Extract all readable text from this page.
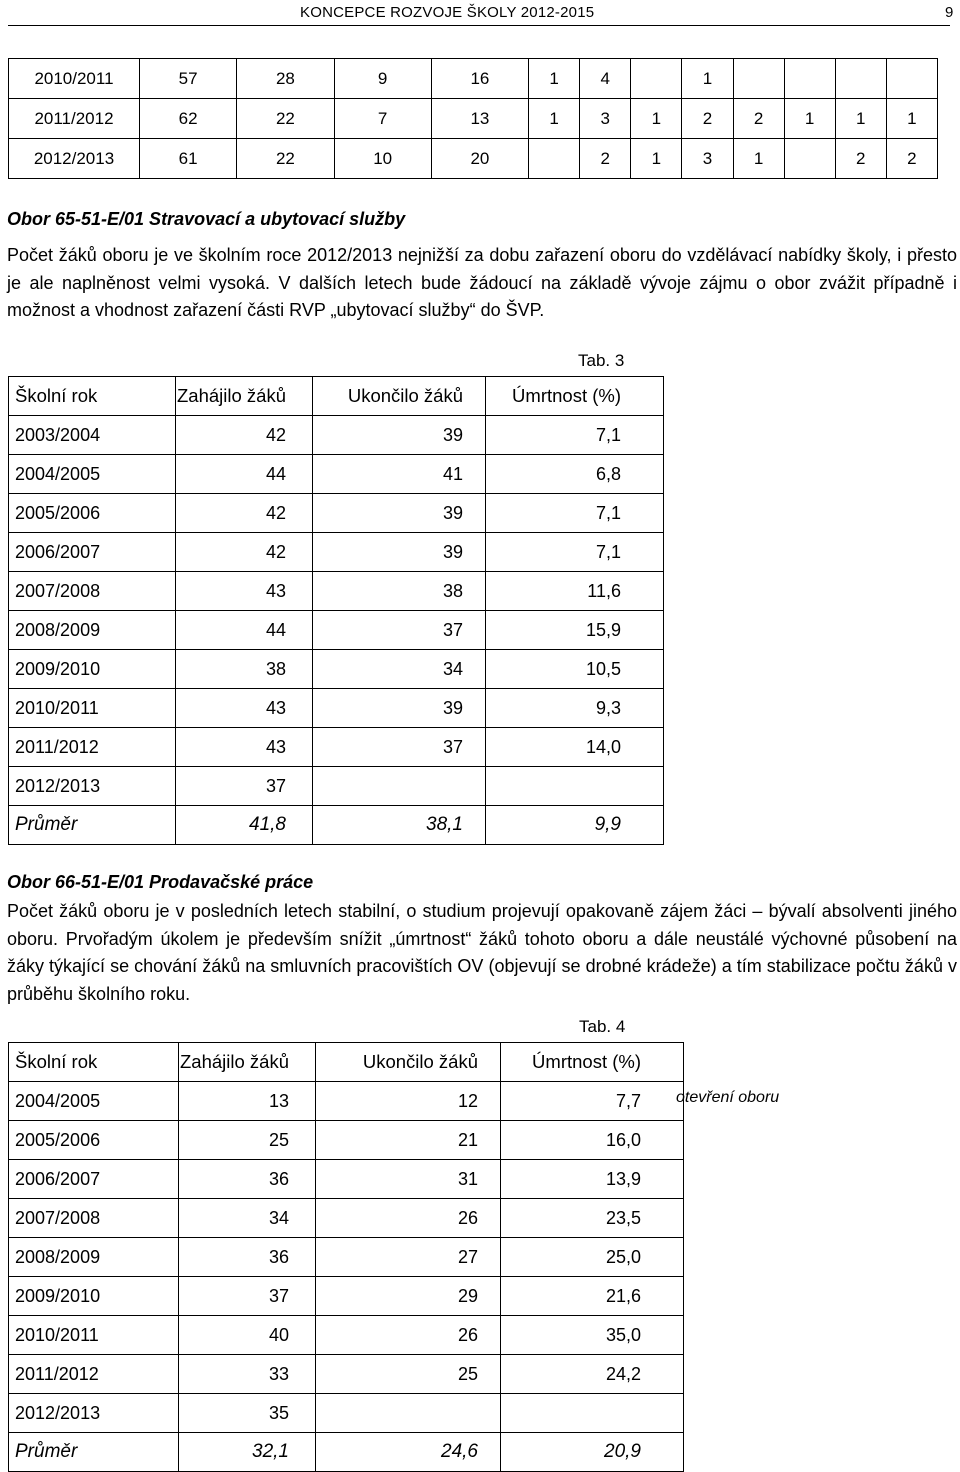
KONCEPCE ROZVOJE ŠKOLY 2012-2015	9
2010/2011	57	28	9	16	1	4		1				
2011/2012	62	22	7	13	1	3	1	2	2	1	1	1
2012/2013	61	22	10	20		2	1	3	1		2	2
Obor 65-51-E/01 Stravovací a ubytovací služby
Počet žáků oboru je ve školním roce 2012/2013 nejnižší za dobu zařazení oboru do vzdělávací nabídky školy, i přesto je ale naplněnost velmi vysoká. V dalších letech bude žádoucí na základě vývoje zájmu o obor zvážit případně i možnost a vhodnost zařazení části RVP „ubytovací služby“ do ŠVP.
Tab. 3
Školní rok	Zahájilo žáků	Ukončilo žáků	Úmrtnost (%)
2003/2004	42	39	7,1
2004/2005	44	41	6,8
2005/2006	42	39	7,1
2006/2007	42	39	7,1
2007/2008	43	38	11,6
2008/2009	44	37	15,9
2009/2010	38	34	10,5
2010/2011	43	39	9,3
2011/2012	43	37	14,0
2012/2013	37		
Průměr	41,8	38,1	9,9
Obor 66-51-E/01 Prodavačské práce
Počet žáků oboru je v posledních letech stabilní, o studium projevují opakovaně zájem žáci – bývalí absolventi jiného oboru. Prvořadým úkolem je především snížit „úmrtnost“ žáků tohoto oboru a dále neustálé výchovné působení na žáky týkající se chování žáků na smluvních pracovištích OV (objevují se drobné krádeže) a tím stabilizace počtu žáků v průběhu školního roku.
Tab. 4
Školní rok	Zahájilo žáků	Ukončilo žáků	Úmrtnost (%)
2004/2005	13	12	7,7
2005/2006	25	21	16,0
2006/2007	36	31	13,9
2007/2008	34	26	23,5
2008/2009	36	27	25,0
2009/2010	37	29	21,6
2010/2011	40	26	35,0
2011/2012	33	25	24,2
2012/2013	35		
Průměr	32,1	24,6	20,9
otevření oboru
